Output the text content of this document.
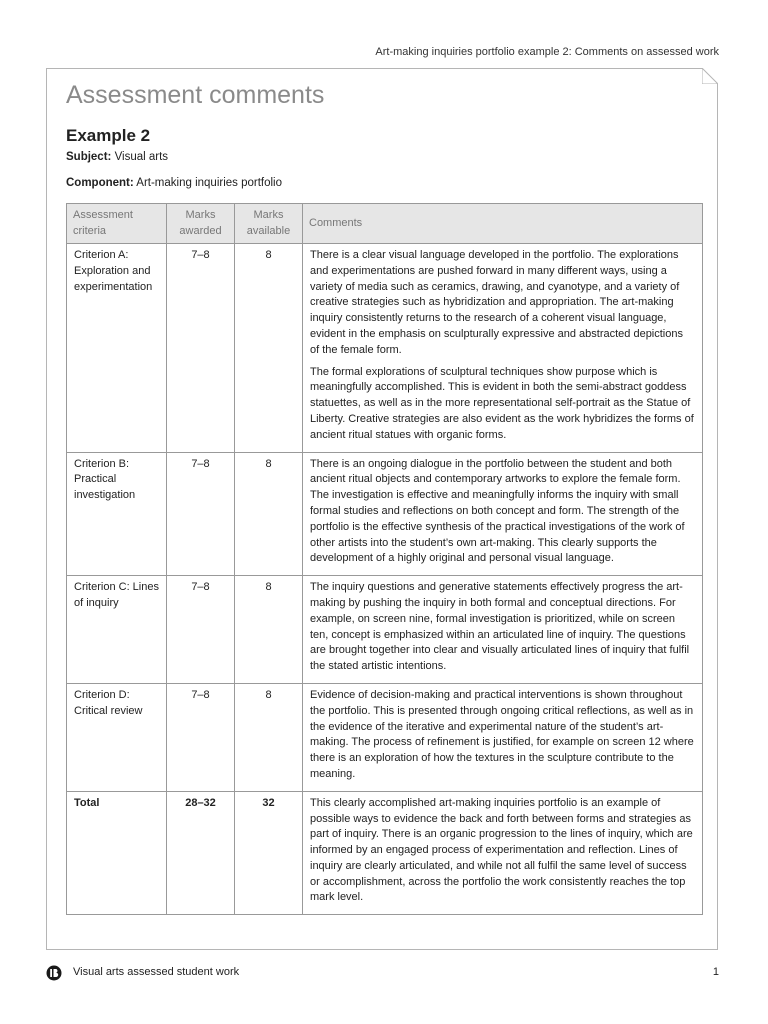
Art-making inquiries portfolio example 2: Comments on assessed work
Assessment comments
Example 2
Subject: Visual arts
Component: Art-making inquiries portfolio
Assessment criteria	Marks awarded	Marks available	Comments
Criterion A: Exploration and experimentation	7–8	8	There is a clear visual language developed in the portfolio. The explorations and experimentations are pushed forward in many different ways, using a variety of media such as ceramics, drawing, and cyanotype, and a variety of creative strategies such as hybridization and appropriation. The art-making inquiry consistently returns to the research of a coherent visual language, evident in the emphasis on sculpturally expressive and abstracted depictions of the female form.

The formal explorations of sculptural techniques show purpose which is meaningfully accomplished. This is evident in both the semi-abstract goddess statuettes, as well as in the more representational self-portrait as the Statue of Liberty. Creative strategies are also evident as the work hybridizes the forms of ancient ritual statues with organic forms.

Criterion B: Practical investigation	7–8	8	There is an ongoing dialogue in the portfolio between the student and both ancient ritual objects and contemporary artworks to explore the female form. The investigation is effective and meaningfully informs the inquiry with small formal studies and reflections on both concept and form. The strength of the portfolio is the effective synthesis of the practical investigations of the work of other artists into the student’s own art-making. This clearly supports the development of a highly original and personal visual language.

Criterion C: Lines of inquiry	7–8	8	The inquiry questions and generative statements effectively progress the art-making by pushing the inquiry in both formal and conceptual directions. For example, on screen nine, formal investigation is prioritized, while on screen ten, concept is emphasized within an articulated line of inquiry. The questions are brought together into clear and visually articulated lines of inquiry that fulfil the stated artistic intentions.

Criterion D: Critical review	7–8	8	Evidence of decision-making and practical interventions is shown throughout the portfolio. This is presented through ongoing critical reflections, as well as in the evidence of the iterative and experimental nature of the student’s art-making. The process of refinement is justified, for example on screen 12 where there is an exploration of how the textures in the sculpture contribute to the meaning.

Total	28–32	32	This clearly accomplished art-making inquiries portfolio is an example of possible ways to evidence the back and forth between forms and strategies as part of inquiry. There is an organic progression to the lines of inquiry, which are informed by an engaged process of experimentation and reflection. Lines of inquiry are clearly articulated, and while not all fulfil the same level of success or accomplishment, across the portfolio the work consistently reaches the top mark level.

Visual arts assessed student work	1
